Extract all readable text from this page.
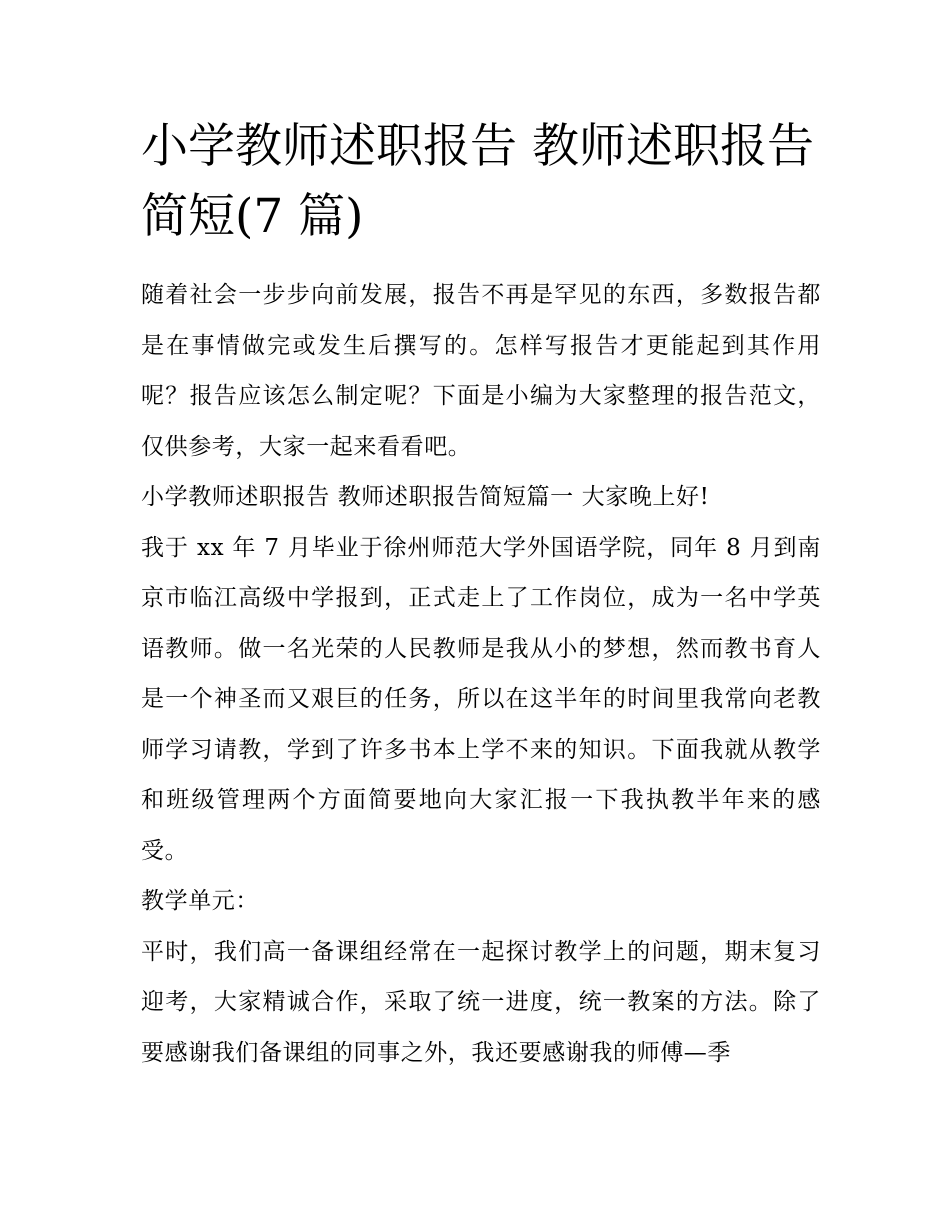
小学教师述职报告 教师述职报告简短(7 篇)

随着社会一步步向前发展，报告不再是罕见的东西，多数报告都是在事情做完或发生后撰写的。怎样写报告才更能起到其作用呢？报告应该怎么制定呢？下面是小编为大家整理的报告范文，仅供参考，大家一起来看看吧。

小学教师述职报告 教师述职报告简短篇一 大家晚上好!

我于 xx 年 7 月毕业于徐州师范大学外国语学院，同年 8 月到南京市临江高级中学报到，正式走上了工作岗位，成为一名中学英语教师。做一名光荣的人民教师是我从小的梦想，然而教书育人是一个神圣而又艰巨的任务，所以在这半年的时间里我常向老教师学习请教，学到了许多书本上学不来的知识。下面我就从教学和班级管理两个方面简要地向大家汇报一下我执教半年来的感受。

教学单元：

平时，我们高一备课组经常在一起探讨教学上的问题，期末复习迎考，大家精诚合作，采取了统一进度，统一教案的方法。除了要感谢我们备课组的同事之外，我还要感谢我的师傅—季
